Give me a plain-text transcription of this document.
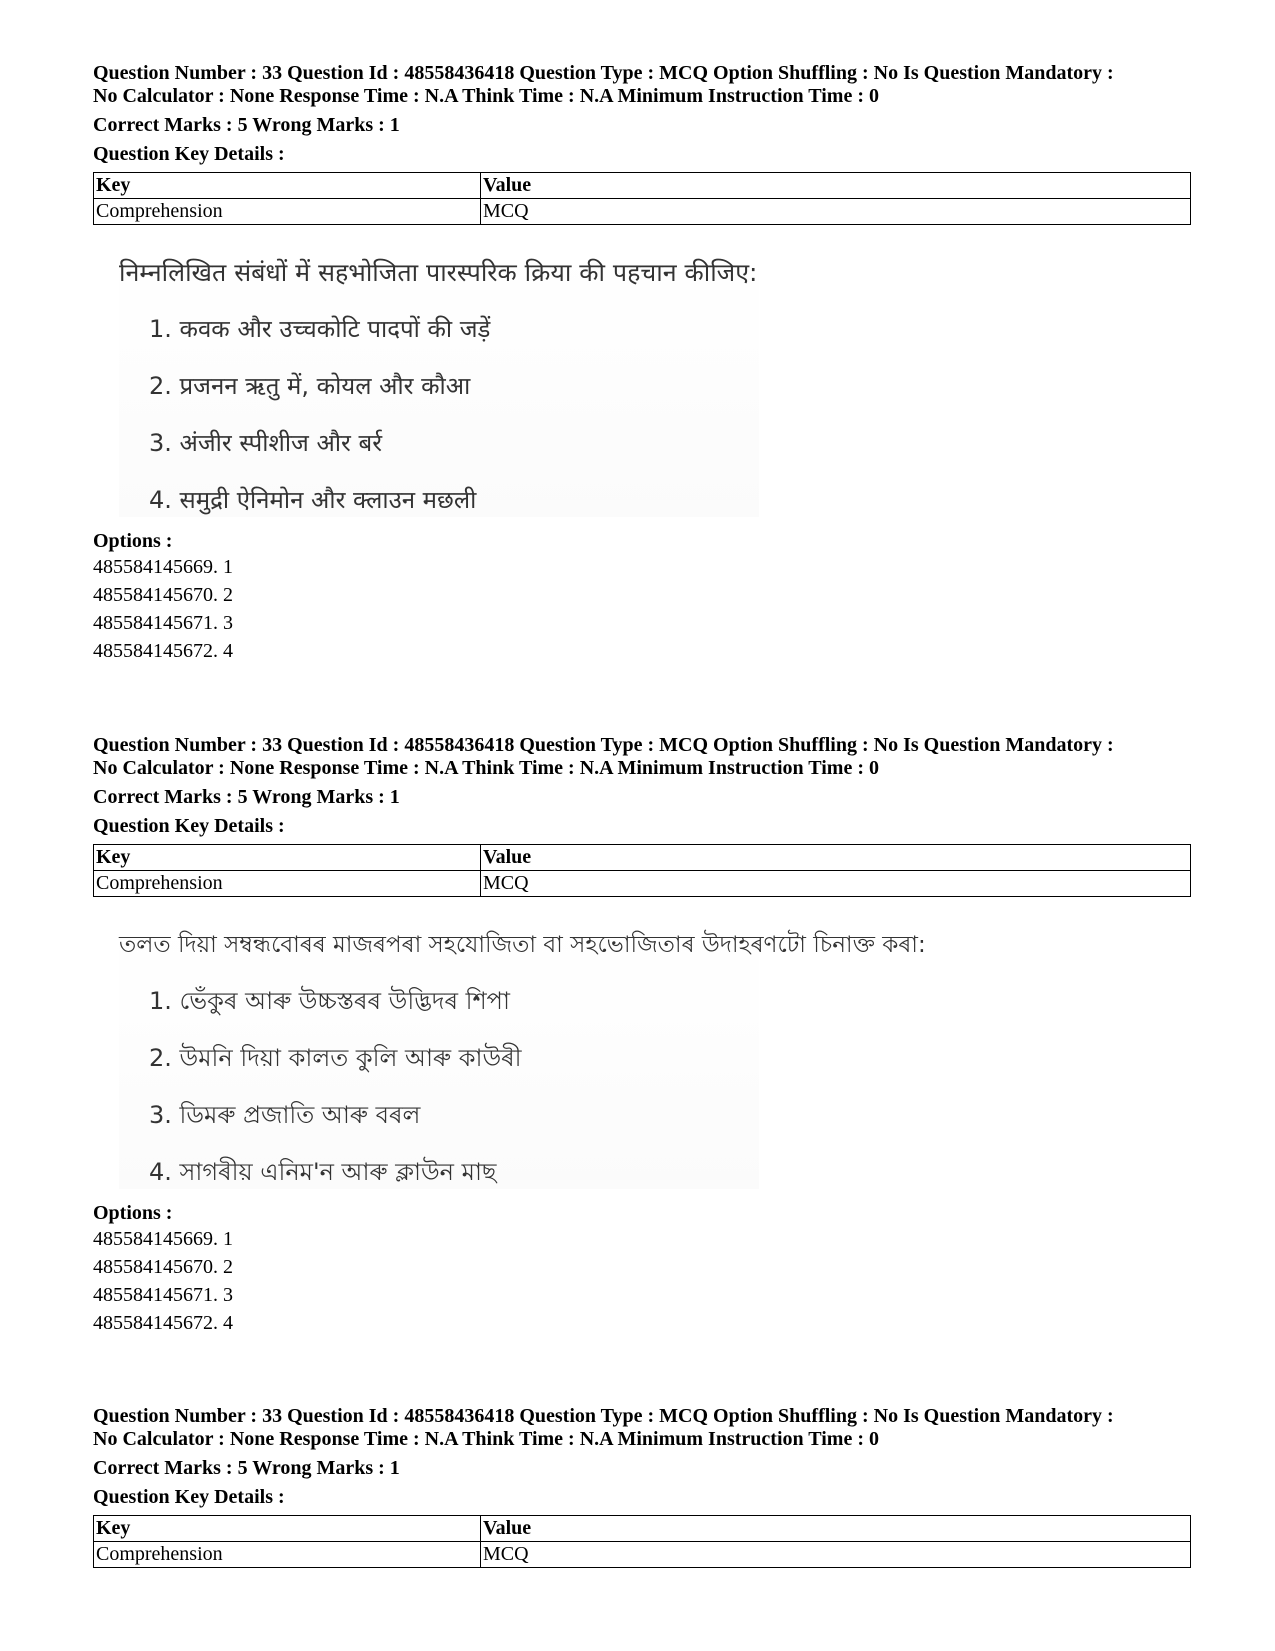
Question Number : 33 Question Id : 48558436418 Question Type : MCQ Option Shuffling : No Is Question Mandatory :
No Calculator : None Response Time : N.A Think Time : N.A Minimum Instruction Time : 0
Correct Marks : 5 Wrong Marks : 1
Question Key Details :
Key	Value
Comprehension	MCQ
निम्नलिखित संबंधों में सहभोजिता पारस्परिक क्रिया की पहचान कीजिए:
1. कवक और उच्चकोटि पादपों की जड़ें
2. प्रजनन ऋतु में, कोयल और कौआ
3. अंजीर स्पीशीज और बर्र
4. समुद्री ऐनिमोन और क्लाउन मछली
Options :
485584145669. 1
485584145670. 2
485584145671. 3
485584145672. 4
Question Number : 33 Question Id : 48558436418 Question Type : MCQ Option Shuffling : No Is Question Mandatory :
No Calculator : None Response Time : N.A Think Time : N.A Minimum Instruction Time : 0
Correct Marks : 5 Wrong Marks : 1
Question Key Details :
Key	Value
Comprehension	MCQ
তলত দিয়া সম্বন্ধবোৰৰ মাজৰপৰা সহযোজিতা বা সহভোজিতাৰ উদাহৰণটো চিনাক্ত কৰা:
1. ভেঁকুৰ আৰু উচ্চস্তৰৰ উদ্ভিদৰ শিপা
2. উমনি দিয়া কালত কুলি আৰু কাউৰী
3. ডিমৰু প্ৰজাতি আৰু বৰল
4. সাগৰীয় এনিম'ন আৰু ক্লাউন মাছ
Options :
485584145669. 1
485584145670. 2
485584145671. 3
485584145672. 4
Question Number : 33 Question Id : 48558436418 Question Type : MCQ Option Shuffling : No Is Question Mandatory :
No Calculator : None Response Time : N.A Think Time : N.A Minimum Instruction Time : 0
Correct Marks : 5 Wrong Marks : 1
Question Key Details :
Key	Value
Comprehension	MCQ
